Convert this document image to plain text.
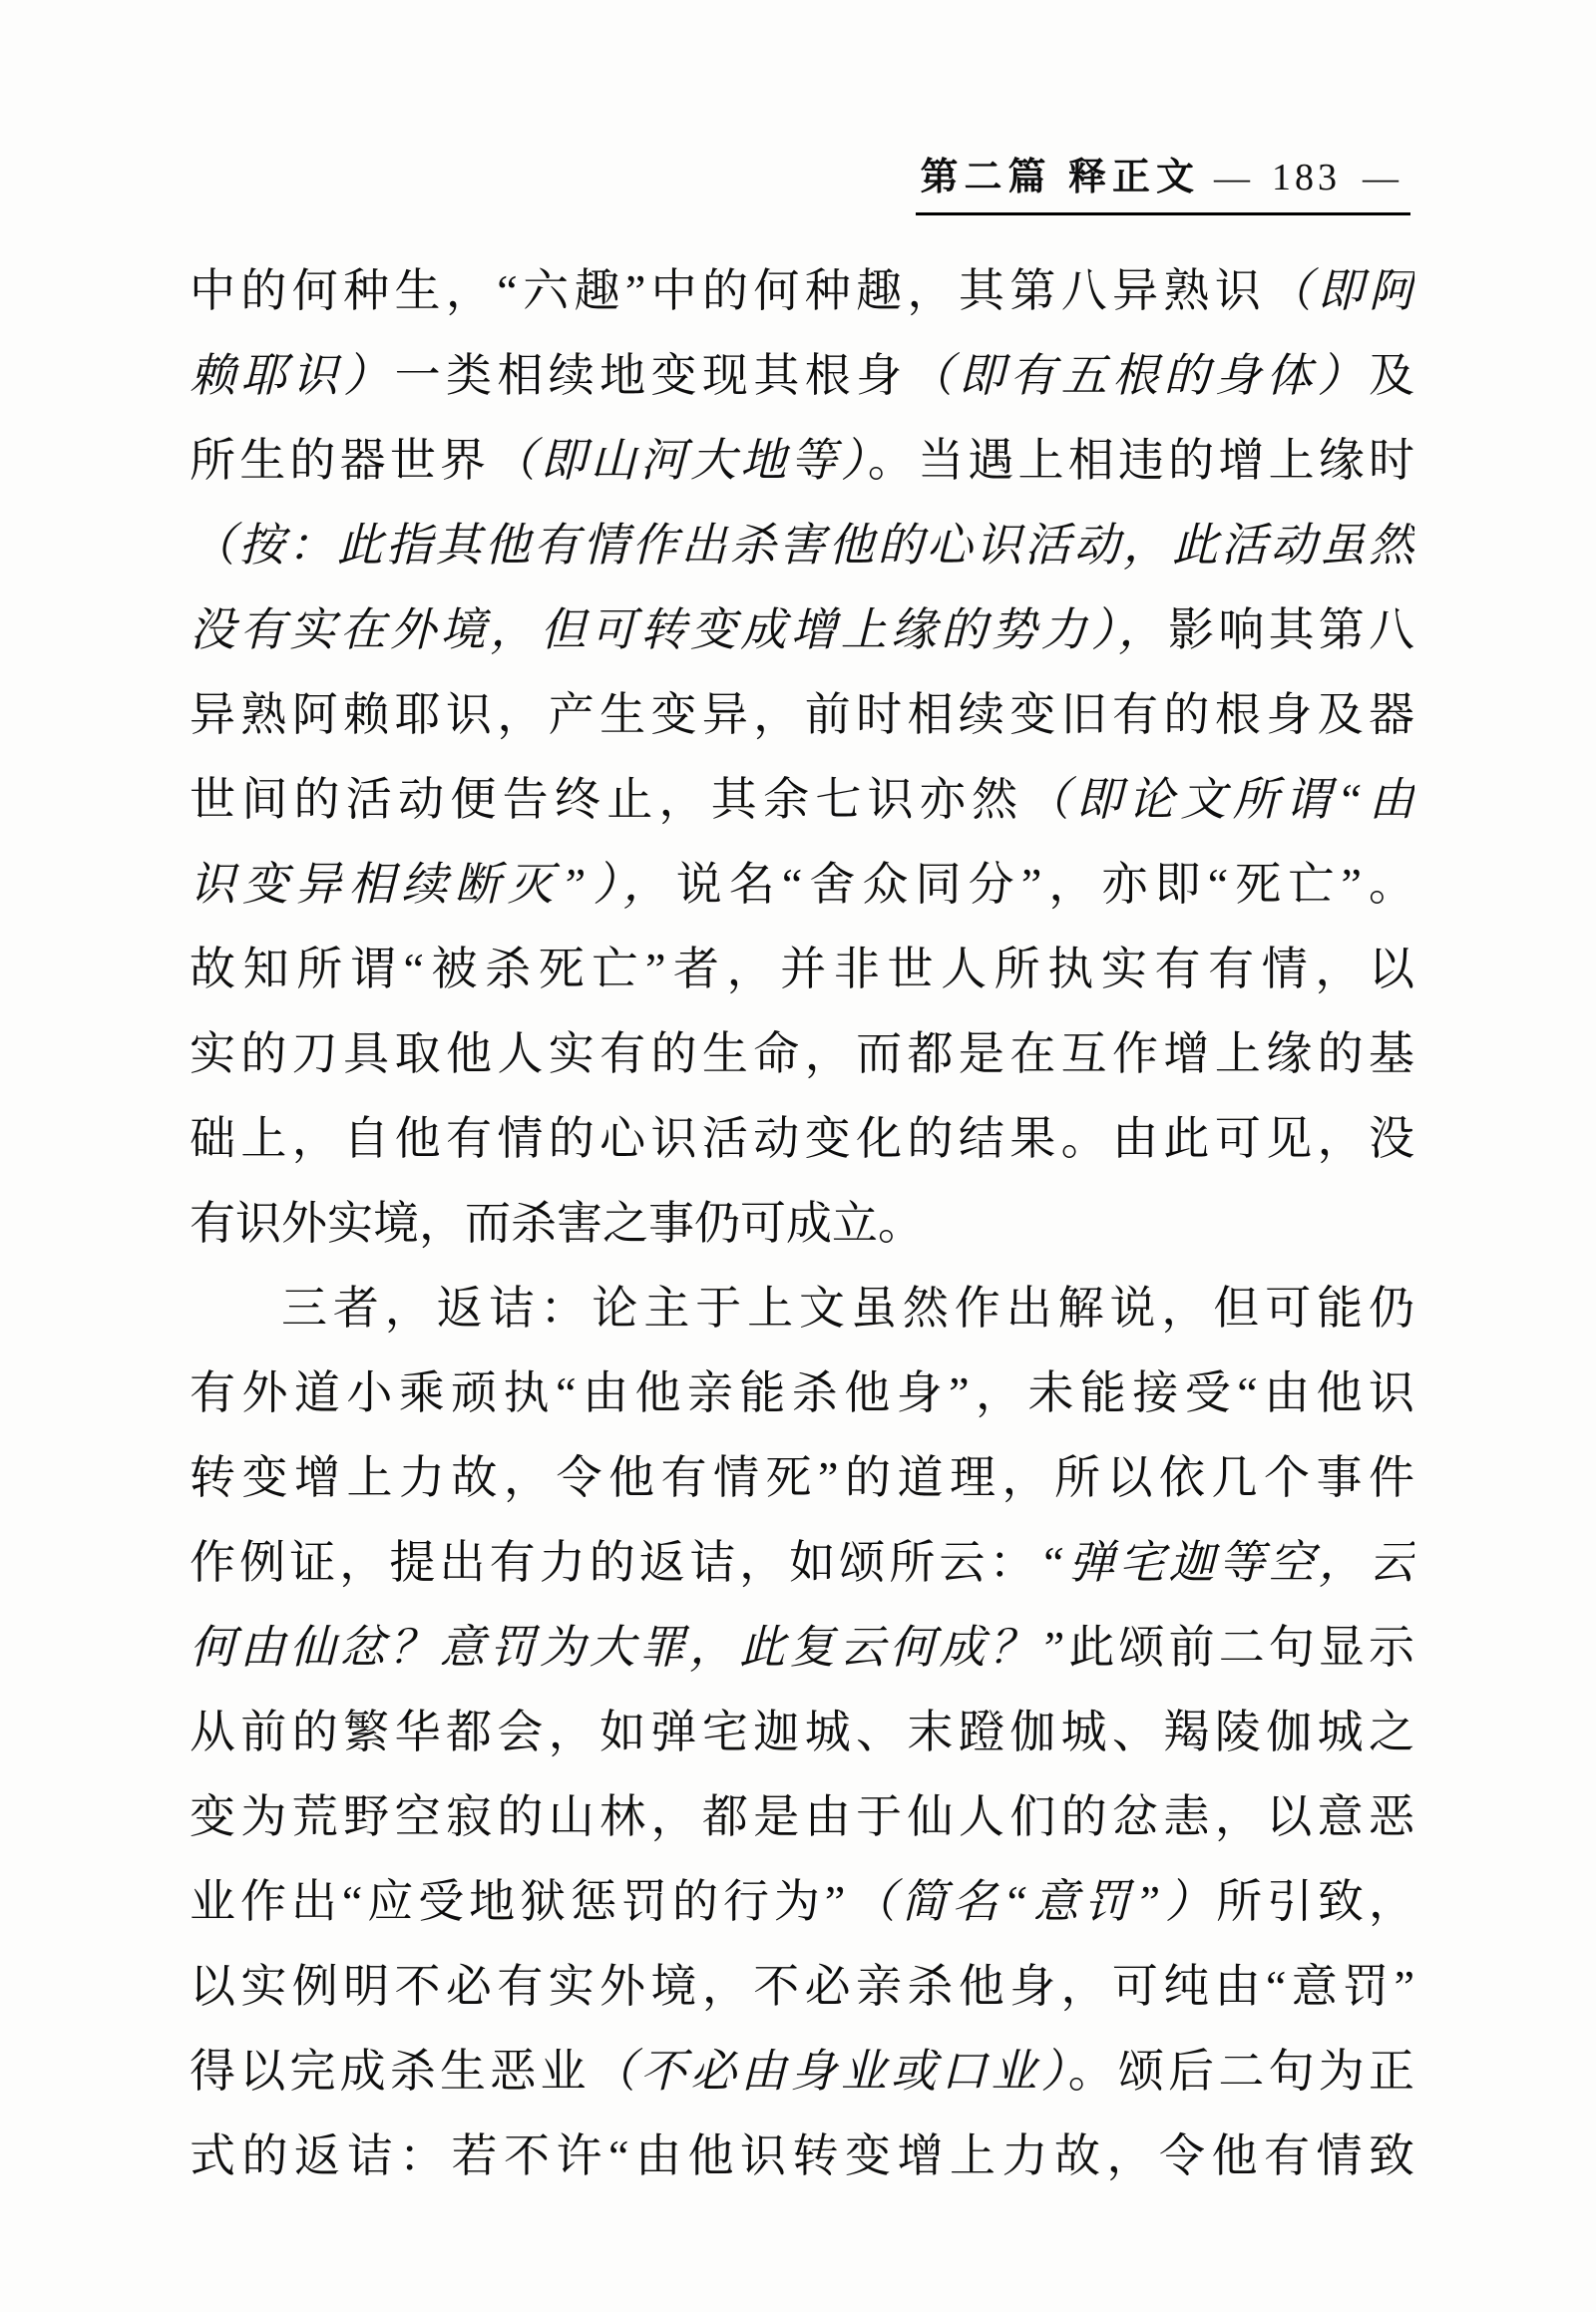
第二篇 释正文 — 183 —
中的何种生，“六趣”中的何种趣，其第八异熟识（即阿
赖耶识）一类相续地变现其根身（即有五根的身体）及
所生的器世界（即山河大地等）。当遇上相违的增上缘时
（按：此指其他有情作出杀害他的心识活动，此活动虽然
没有实在外境，但可转变成增上缘的势力），影响其第八
异熟阿赖耶识，产生变异，前时相续变旧有的根身及器
世间的活动便告终止，其余七识亦然（即论文所谓“由
识变异相续断灭”），说名“舍众同分”，亦即“死亡”。
故知所谓“被杀死亡”者，并非世人所执实有有情，以
实的刀具取他人实有的生命，而都是在互作增上缘的基
础上，自他有情的心识活动变化的结果。由此可见，没
有识外实境，而杀害之事仍可成立。
三者，返诘：论主于上文虽然作出解说，但可能仍
有外道小乘顽执“由他亲能杀他身”，未能接受“由他识
转变增上力故，令他有情死”的道理，所以依几个事件
作例证，提出有力的返诘，如颂所云：“弹宅迦等空，云
何由仙忿？意罚为大罪，此复云何成？”此颂前二句显示
从前的繁华都会，如弹宅迦城、末蹬伽城、羯陵伽城之
变为荒野空寂的山林，都是由于仙人们的忿恚，以意恶
业作出“应受地狱惩罚的行为”（简名“意罚”）所引致，
以实例明不必有实外境，不必亲杀他身，可纯由“意罚”
得以完成杀生恶业（不必由身业或口业）。颂后二句为正
式的返诘：若不许“由他识转变增上力故，令他有情致
